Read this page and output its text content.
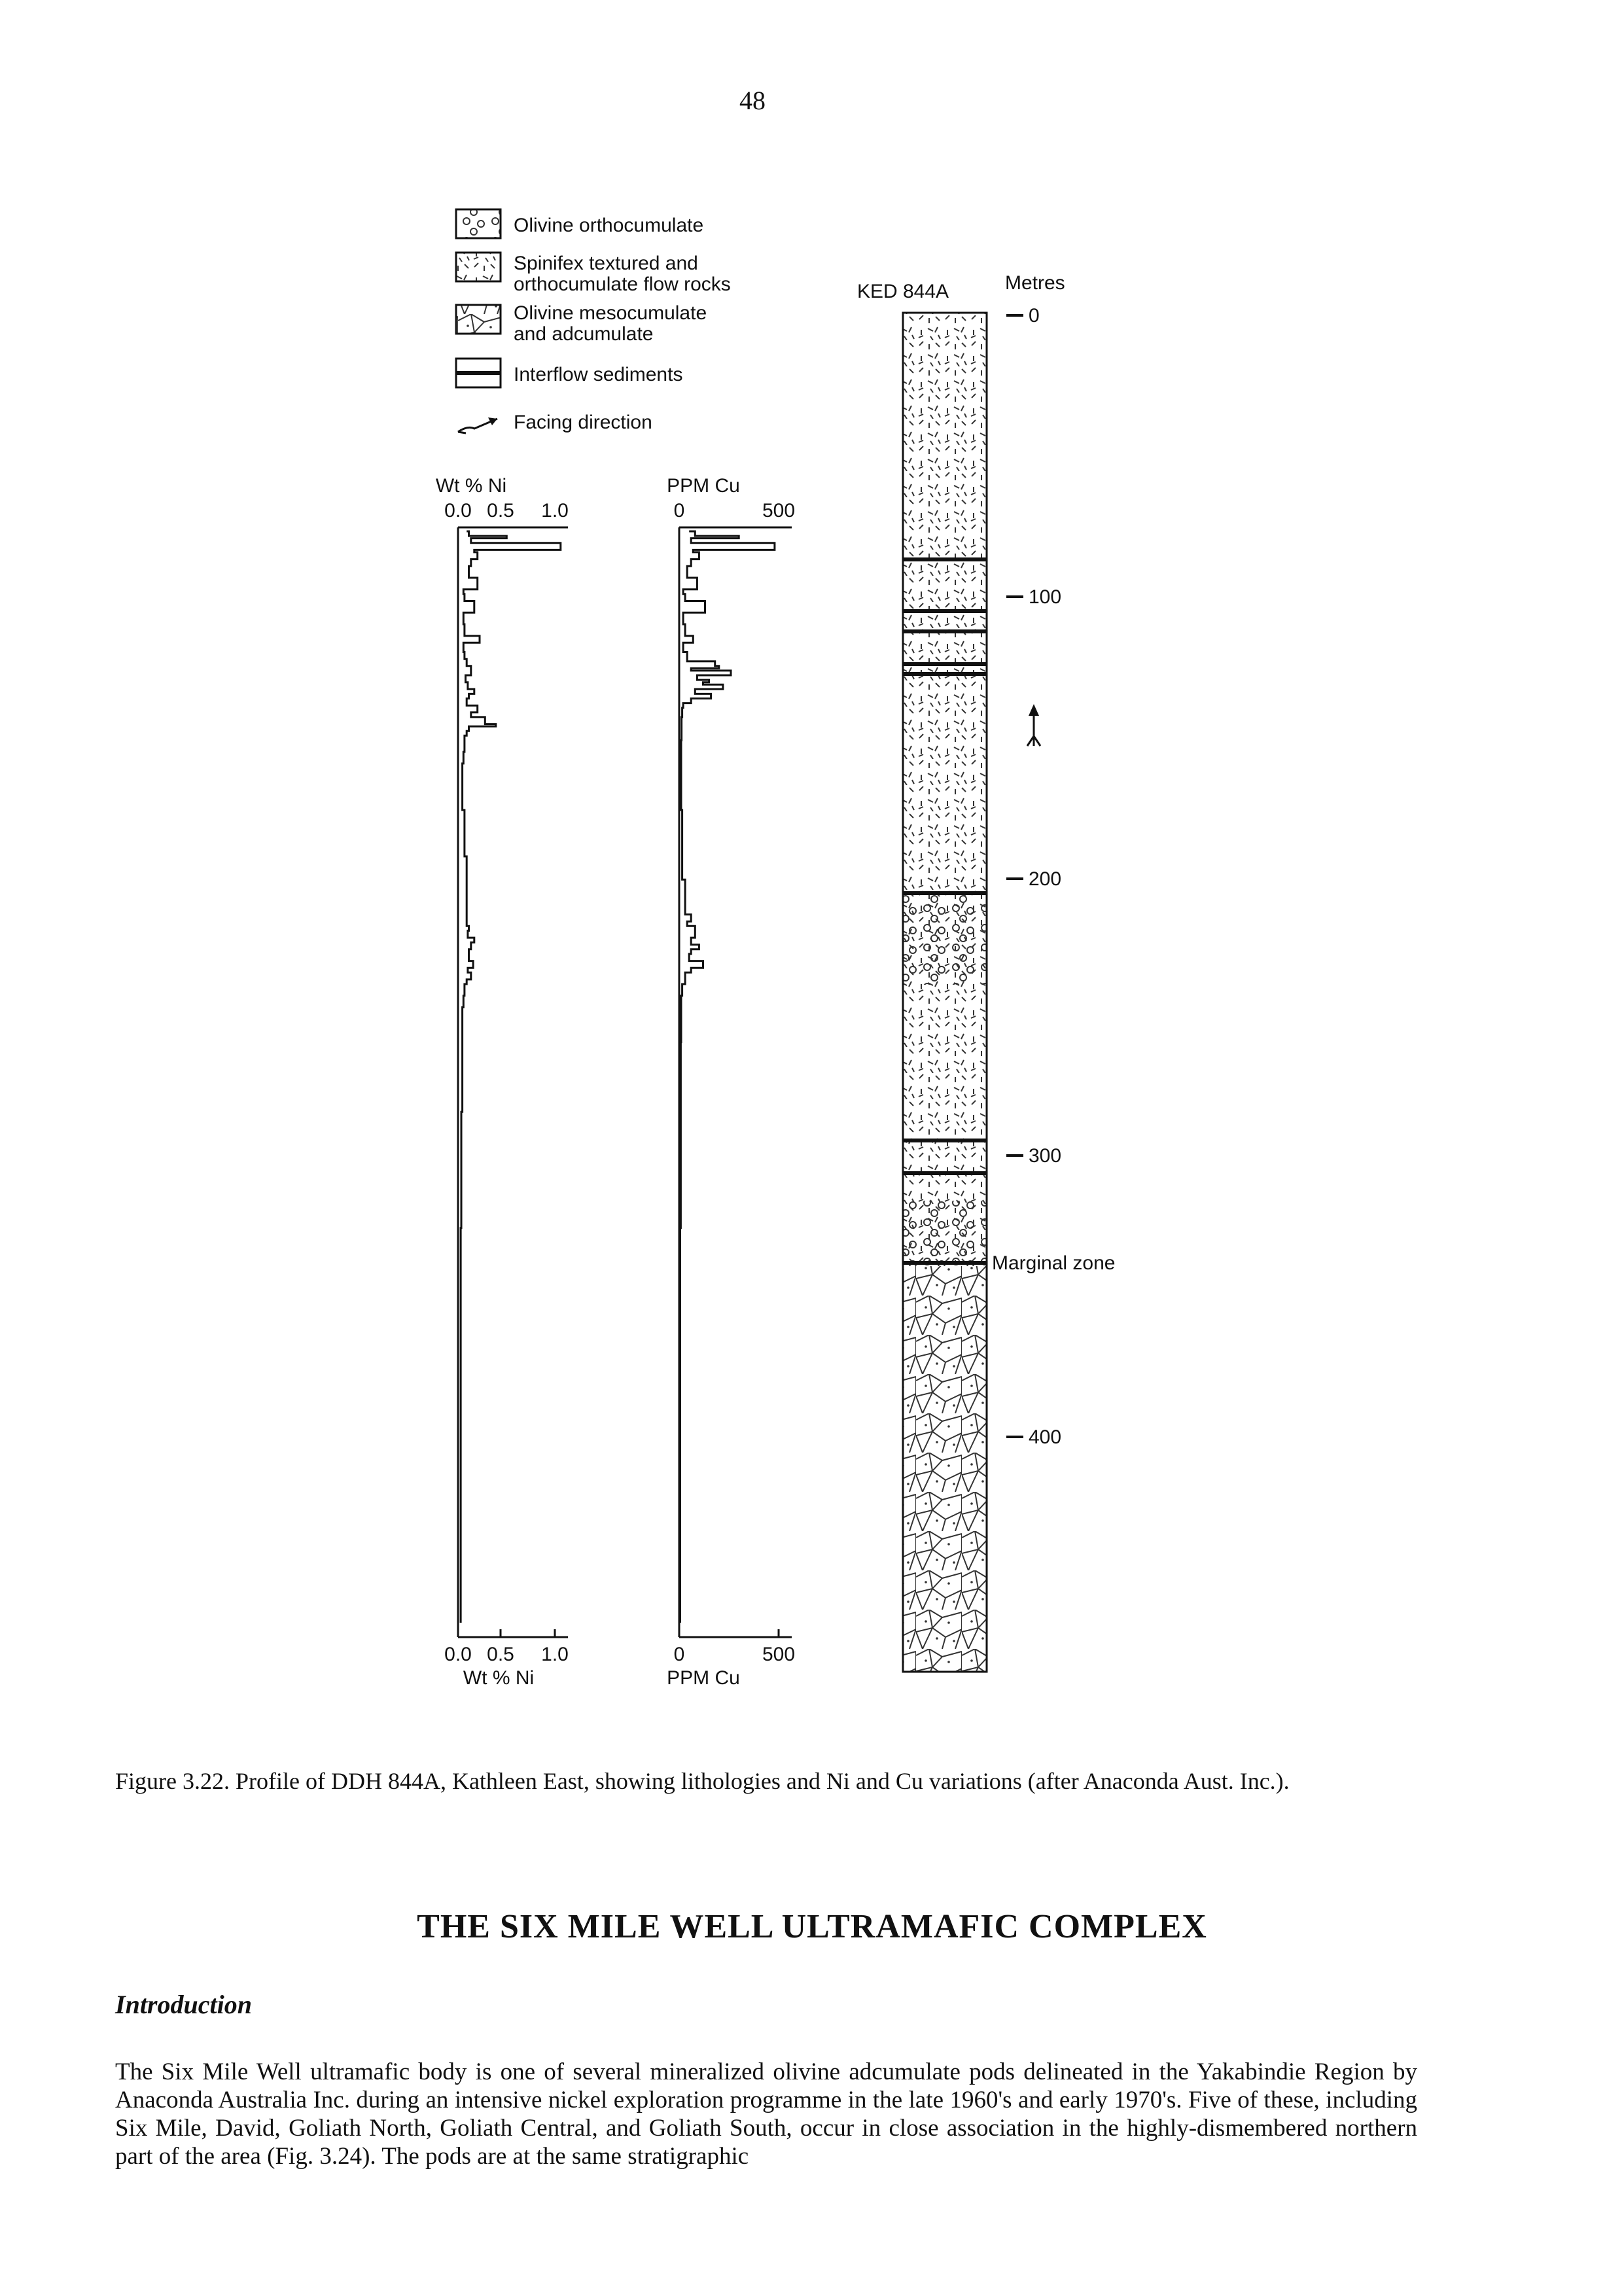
48
Olivine orthocumulate
Spinifex textured and
orthocumulate flow rocks
Olivine mesocumulate
and adcumulate
Interflow sediments
Facing direction
Wt % Ni
0.0 0.5 1.0
0.0 0.5 1.0
Wt % Ni
PPM Cu
0	500
0	500
PPM Cu
KED 844A	Metres
0
100
200
300
400
Marginal zone
Figure 3.22. Profile of DDH 844A, Kathleen East, showing lithologies and Ni and Cu variations (after Anaconda Aust. Inc.).
THE SIX MILE WELL ULTRAMAFIC COMPLEX
Introduction
The Six Mile Well ultramafic body is one of several mineralized olivine adcumulate pods delineated in the Yakabindie Region by Anaconda Australia Inc. during an intensive nickel exploration programme in the late 1960's and early 1970's. Five of these, including Six Mile, David, Goliath North, Goliath Central, and Goliath South, occur in close association in the highly-dismembered northern part of the area (Fig. 3.24). The pods are at the same stratigraphic
